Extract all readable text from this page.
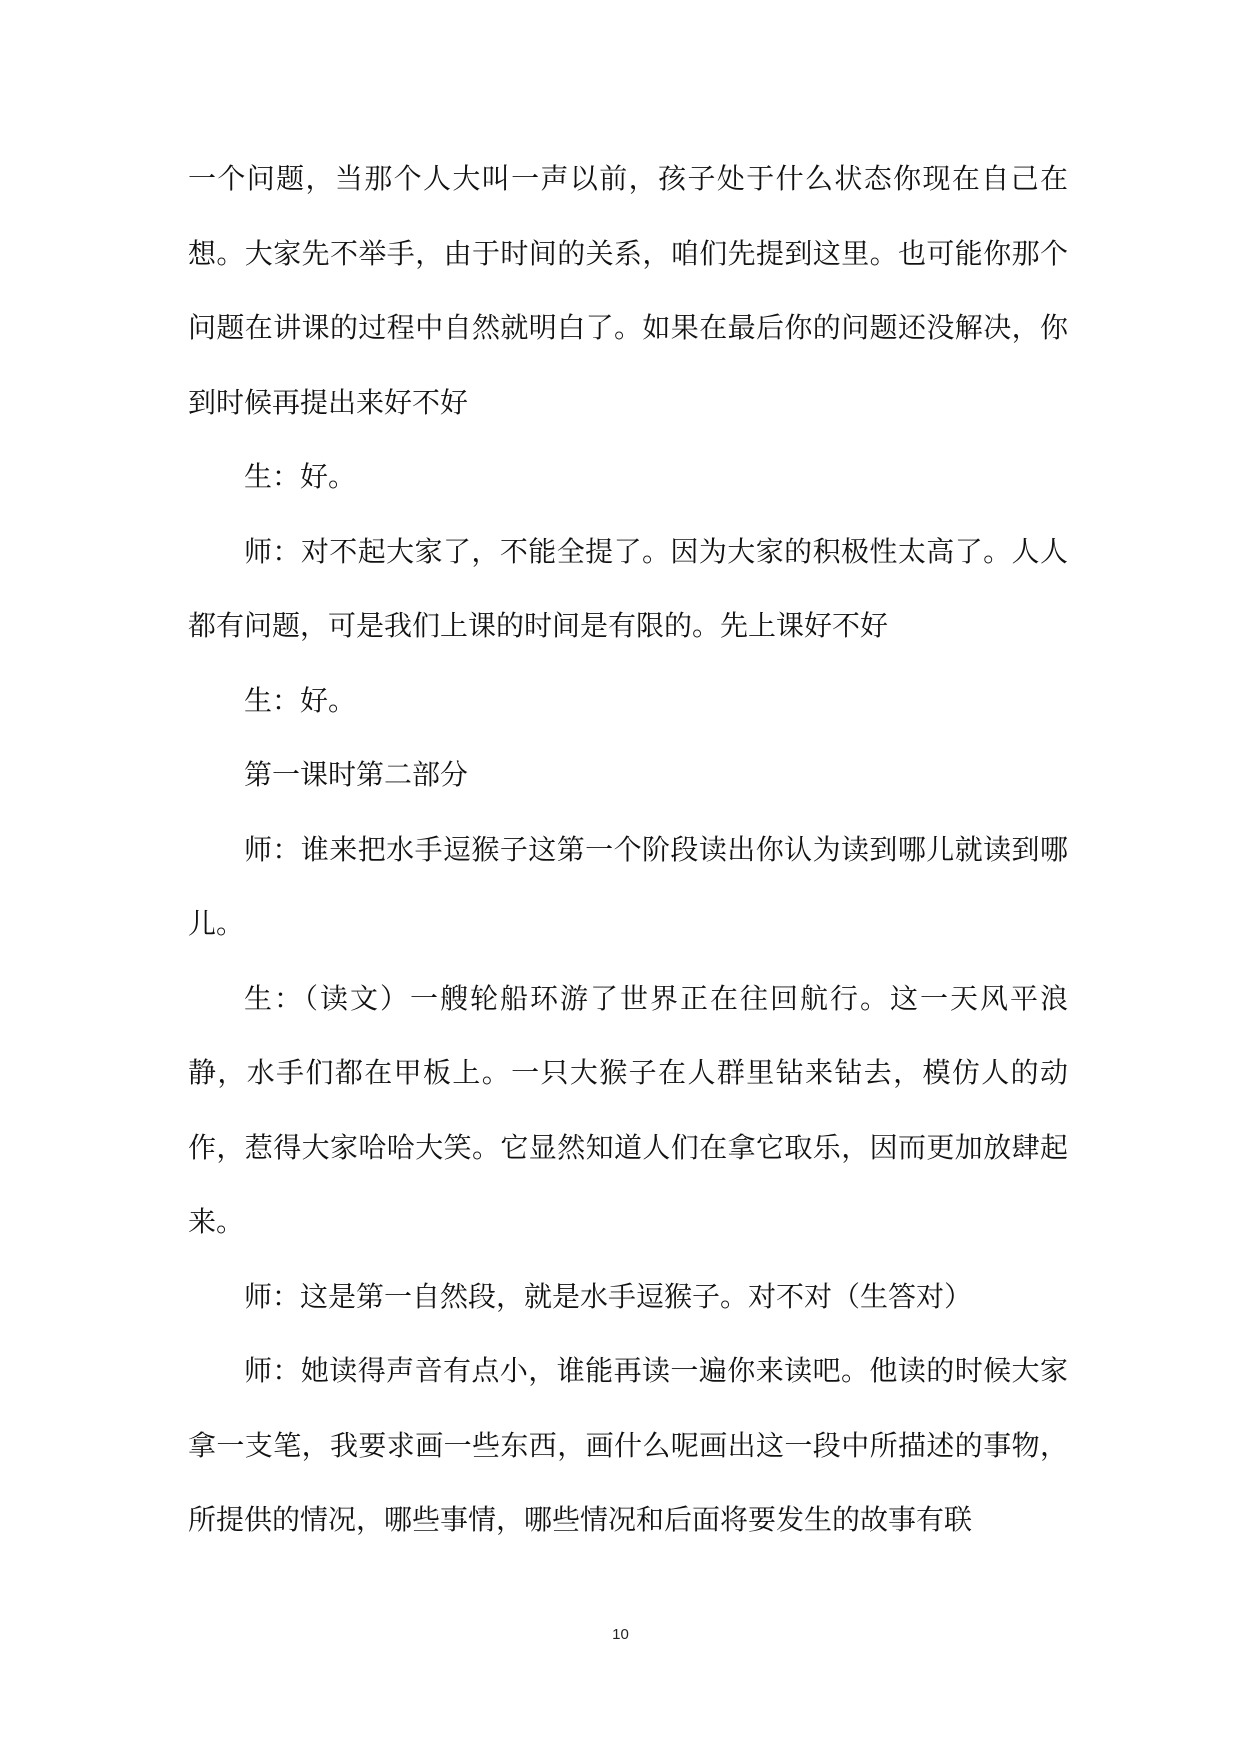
一个问题，当那个人大叫一声以前，孩子处于什么状态你现在自己在想。大家先不举手，由于时间的关系，咱们先提到这里。也可能你那个问题在讲课的过程中自然就明白了。如果在最后你的问题还没解决，你到时候再提出来好不好

生：好。

师：对不起大家了，不能全提了。因为大家的积极性太高了。人人都有问题，可是我们上课的时间是有限的。先上课好不好

生：好。

第一课时第二部分

师：谁来把水手逗猴子这第一个阶段读出你认为读到哪儿就读到哪儿。

生：（读文）一艘轮船环游了世界正在往回航行。这一天风平浪静，水手们都在甲板上。一只大猴子在人群里钻来钻去，模仿人的动作，惹得大家哈哈大笑。它显然知道人们在拿它取乐，因而更加放肆起来。

师：这是第一自然段，就是水手逗猴子。对不对（生答对）

师：她读得声音有点小，谁能再读一遍你来读吧。他读的时候大家拿一支笔，我要求画一些东西，画什么呢画出这一段中所描述的事物，所提供的情况，哪些事情，哪些情况和后面将要发生的故事有联

10
